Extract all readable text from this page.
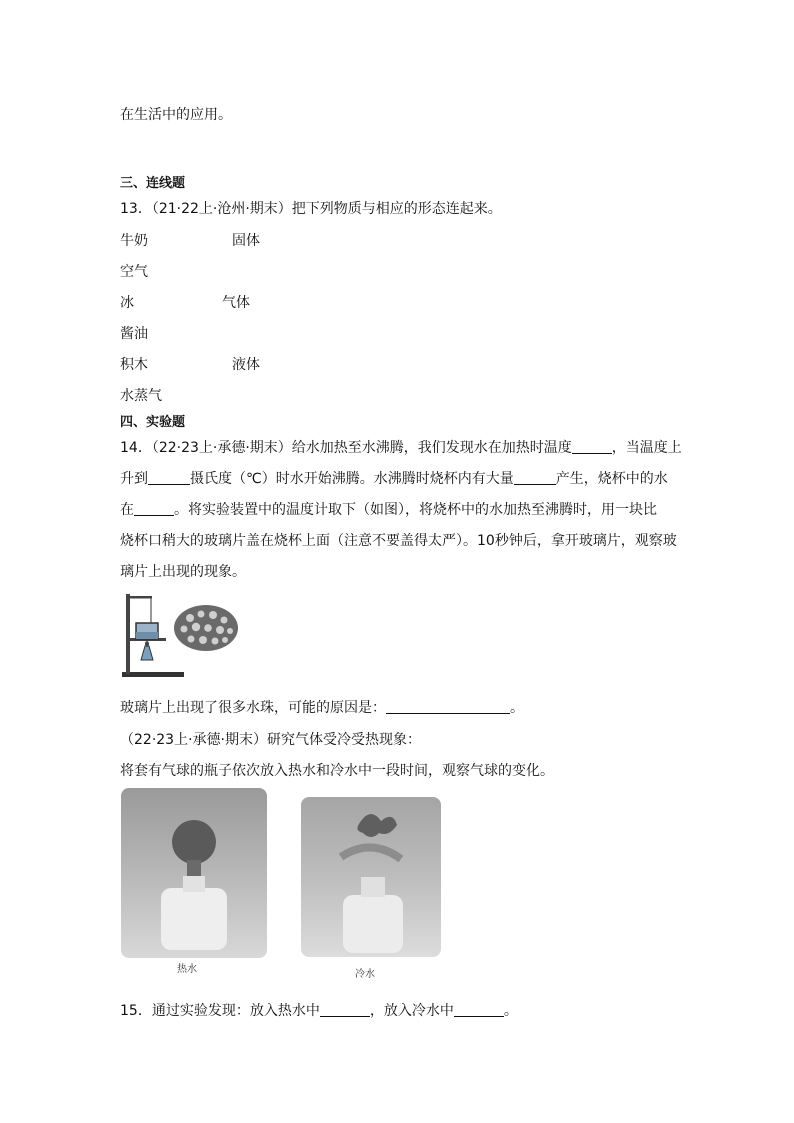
在生活中的应用。
三、连线题
13．（21·22上·沧州·期末）把下列物质与相应的形态连起来。
牛奶	固体
空气
冰	气体
酱油
积木	液体
水蒸气
四、实验题
14．（22·23上·承德·期末）给水加热至水沸腾，我们发现水在加热时温度	，当温度上
升到	摄氏度（℃）时水开始沸腾。水沸腾时烧杯内有大量	产生，烧杯中的水
在	。将实验装置中的温度计取下（如图），将烧杯中的水加热至沸腾时，用一块比
烧杯口稍大的玻璃片盖在烧杯上面（注意不要盖得太严）。10秒钟后，拿开玻璃片，观察玻
璃片上出现的现象。
玻璃片上出现了很多水珠，可能的原因是：	。
（22·23上·承德·期末）研究气体受冷受热现象：
将套有气球的瓶子依次放入热水和冷水中一段时间，观察气球的变化。
热水	冷水
15．通过实验发现：放入热水中	，放入冷水中	。
